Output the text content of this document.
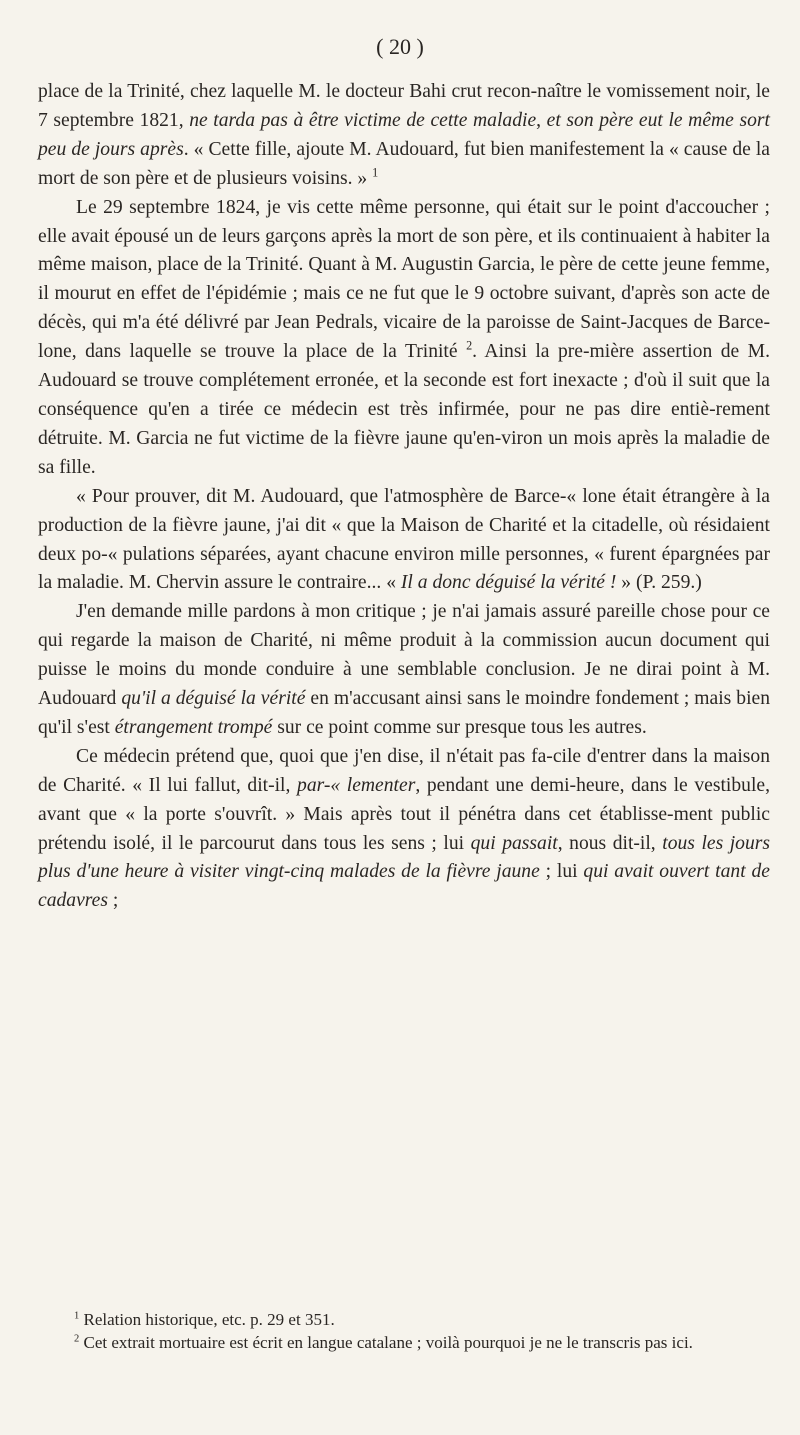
( 20 )

place de la Trinité, chez laquelle M. le docteur Bahi crut recon-naître le vomissement noir, le 7 septembre 1821, ne tarda pas à être victime de cette maladie, et son père eut le même sort peu de jours après. « Cette fille, ajoute M. Audouard, fut bien manifestement la « cause de la mort de son père et de plusieurs voisins. » $^1$

Le 29 septembre 1824, je vis cette même personne, qui était sur le point d'accoucher ; elle avait épousé un de leurs garçons après la mort de son père, et ils continuaient à habiter la même maison, place de la Trinité. Quant à M. Augustin Garcia, le père de cette jeune femme, il mourut en effet de l'épidémie ; mais ce ne fut que le 9 octobre suivant, d'après son acte de décès, qui m'a été délivré par Jean Pedrals, vicaire de la paroisse de Saint-Jacques de Barce-lone, dans laquelle se trouve la place de la Trinité $^2$. Ainsi la pre-mière assertion de M. Audouard se trouve complétement erronée, et la seconde est fort inexacte ; d'où il suit que la conséquence qu'en a tirée ce médecin est très infirmée, pour ne pas dire entiè-rement détruite. M. Garcia ne fut victime de la fièvre jaune qu'en-viron un mois après la maladie de sa fille.

« Pour prouver, dit M. Audouard, que l'atmosphère de Barce-« lone était étrangère à la production de la fièvre jaune, j'ai dit « que la Maison de Charité et la citadelle, où résidaient deux po-« pulations séparées, ayant chacune environ mille personnes, « furent épargnées par la maladie. M. Chervin assure le contraire... « Il a donc déguisé la vérité ! » (P. 259.)

J'en demande mille pardons à mon critique ; je n'ai jamais assuré pareille chose pour ce qui regarde la maison de Charité, ni même produit à la commission aucun document qui puisse le moins du monde conduire à une semblable conclusion. Je ne dirai point à M. Audouard qu'il a déguisé la vérité en m'accusant ainsi sans le moindre fondement ; mais bien qu'il s'est étrangement trompé sur ce point comme sur presque tous les autres.

Ce médecin prétend que, quoi que j'en dise, il n'était pas fa-cile d'entrer dans la maison de Charité. « Il lui fallut, dit-il, par-« lementer, pendant une demi-heure, dans le vestibule, avant que « la porte s'ouvrît. » Mais après tout il pénétra dans cet établisse-ment public prétendu isolé, il le parcourut dans tous les sens ; lui qui passait, nous dit-il, tous les jours plus d'une heure à visiter vingt-cinq malades de la fièvre jaune ; lui qui avait ouvert tant de cadavres ;

$^1$ Relation historique, etc. p. 29 et 351.

$^2$ Cet extrait mortuaire est écrit en langue catalane ; voilà pourquoi je ne le transcris pas ici.
